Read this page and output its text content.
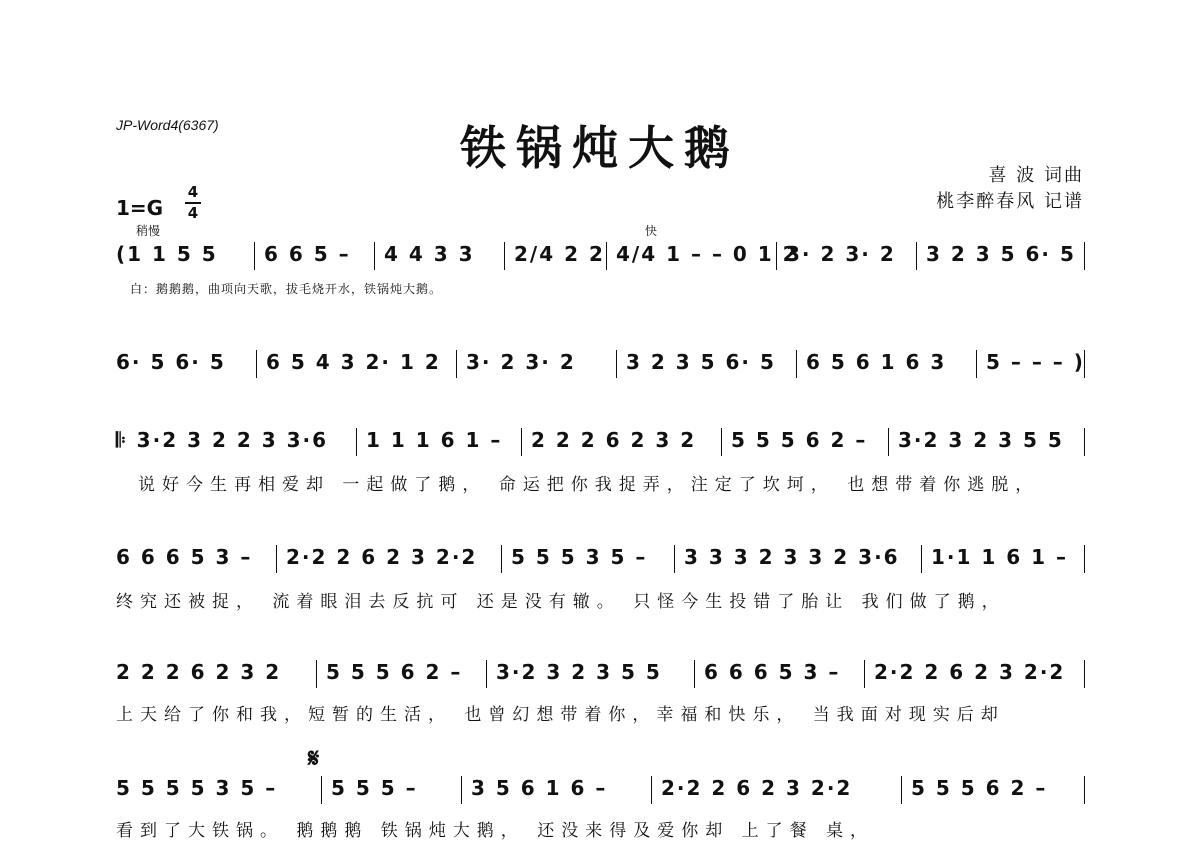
JP-Word4(6367)	铁锅炖大鹅
喜 波 词曲
桃李醉春风 记谱
1=G
4
4
稍慢	快
𝄋
(1 1 5 5 6 6 5 – 4 4 3 3 2/4 2 2 4/4 1 – – 0 1 2
3· 2 3· 2 3 2 3 5 6· 5
白：鹅鹅鹅，曲项向天歌，拔毛烧开水，铁锅炖大鹅。
6· 5 6· 5 6 5 4 3 2· 1 2 3· 2 3· 2	3 2 3 5 6· 5 6 5 6 1 6 3 5 – – – )
𝄆 3·2 3 2 2 3 3·6 1 1 1 6 1 – 2 2 2 6 2 3 2 5 5 5 6 2 – 3·2 3 2 3 5 5
说好今生再相爱却 一起做了鹅， 命运把你我捉弄，注定了坎坷， 也想带着你逃脱，
6 6 6 5 3 – 2·2 2 6 2 3 2·2 5 5 5 3 5 – 3 3 3 2 3 3 2 3·6 1·1 1 6 1 –
终究还被捉， 流着眼泪去反抗可 还是没有辙。 只怪今生投错了胎让 我们做了鹅，
2 2 2 6 2 3 2 5 5 5 6 2 – 3·2 3 2 3 5 5 6 6 6 5 3 – 2·2 2 6 2 3 2·2
上天给了你和我，短暂的生活， 也曾幻想带着你，幸福和快乐， 当我面对现实后却
5 5 5 5 3 5 –	5 5 5 –	3 5 6 1 6 –	2·2 2 6 2 3 2·2	5 5 5 6 2 –
看到了大铁锅。 鹅鹅鹅 铁锅炖大鹅， 还没来得及爱你却 上了餐 桌，
